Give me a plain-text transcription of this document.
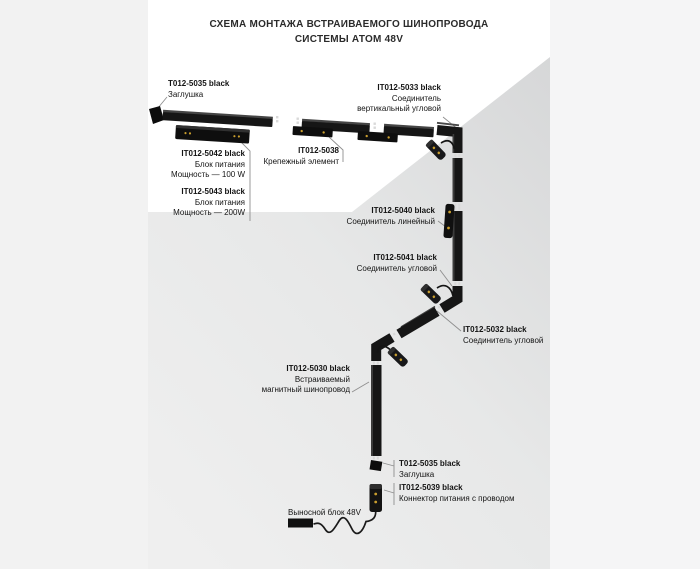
СХЕМА МОНТАЖА ВСТРАИВАЕМОГО ШИНОПРОВОДА
СИСТЕМЫ АТОМ 48V
T012-5035 black
Заглушка
IT012-5033 black
Соединитель
вертикальный угловой
IT012-5042 black
Блок питания
Мощность — 100 W
IT012-5043 black
Блок питания
Мощность — 200W
IT012-5038
Крепежный элемент
IT012-5040 black
Соединитель линейный
IT012-5041 black
Соединитель угловой
IT012-5032 black
Соединитель угловой
IT012-5030 black
Встраиваемый
магнитный шинопровод
T012-5035 black
Заглушка
IT012-5039 black
Коннектор питания с проводом
Выносной блок 48V
